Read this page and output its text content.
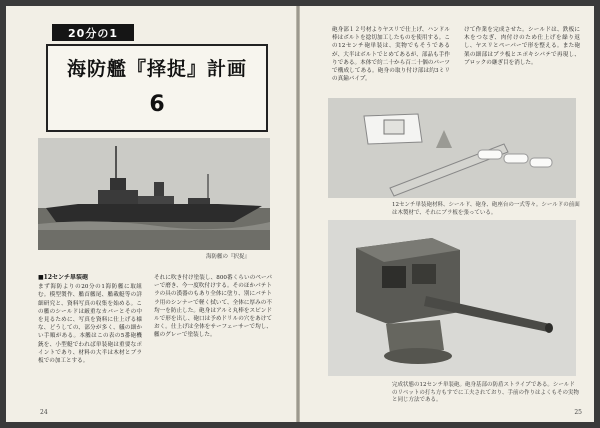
20分の1
海防艦『择捉』計画
6
海防艦の『択捉』
■12センチ単装砲
まず海防よりの20分の1海防艦に取組む。模型製作、艦首艦尾、艦載艇等の詳細研究と、資料写真の収集を始める。この艦のシールドは厳重なカバーとその中を見るために、写真を資料に仕上げる様な、どうしての、部分が多く、艤の細かい手順がある。本艦はこの表の5番砲機銃を、小型艇でわれば単装砲は重要なポイントであり、材料の大半は木材とブラ板での加工とする。
それに吹き付け塗装し、800番くらいのペーパーで磨き、今一度吹付けする。そのほかパテトラの具の漢器のもあり全体に塗り、別にバテトラ用のシンナーで軽く拭いて、全体に厚みの不均一を防止した。砲身はアルミ丸棒をスピンドルで形を出し、砲口は予めドリルの穴をあけておく。仕上げは全体をサーフェーサーで均し、艦のグレーで塗装した。
24
砲身部１２号材よりヤスリで仕上げ、ハンドル棒はボルトを捻切加工したものを使用する。この12センチ砲単装は、実物でもそうであるが、大半はボルトでとめてあるが、部品も手作りである。本体で約二十から百二十個のパーツで構成してある。砲身の取り付け部は約3ミリの真鍮パイプ。
けて作業を完成させた。シールドは、鉄板に木をつなぎ、肉付けのため仕上げを繰り返し、ヤスリとペーパーで形を整える。また砲架の細部はプラ板とエポキシパテで再現し、ブロックの継ぎ目を消した。
12センチ単装砲材料、シールド、砲身、砲座台の一式等々。シールドの前面は木製材で、それにブラ板を張っている。
完成状態の12センチ単装砲。砲身基部の防盾ストライプである。シールドのリベットの打ち方もすでに工夫されており、手前の作りはよくもその実物と同じ方法である。
25
